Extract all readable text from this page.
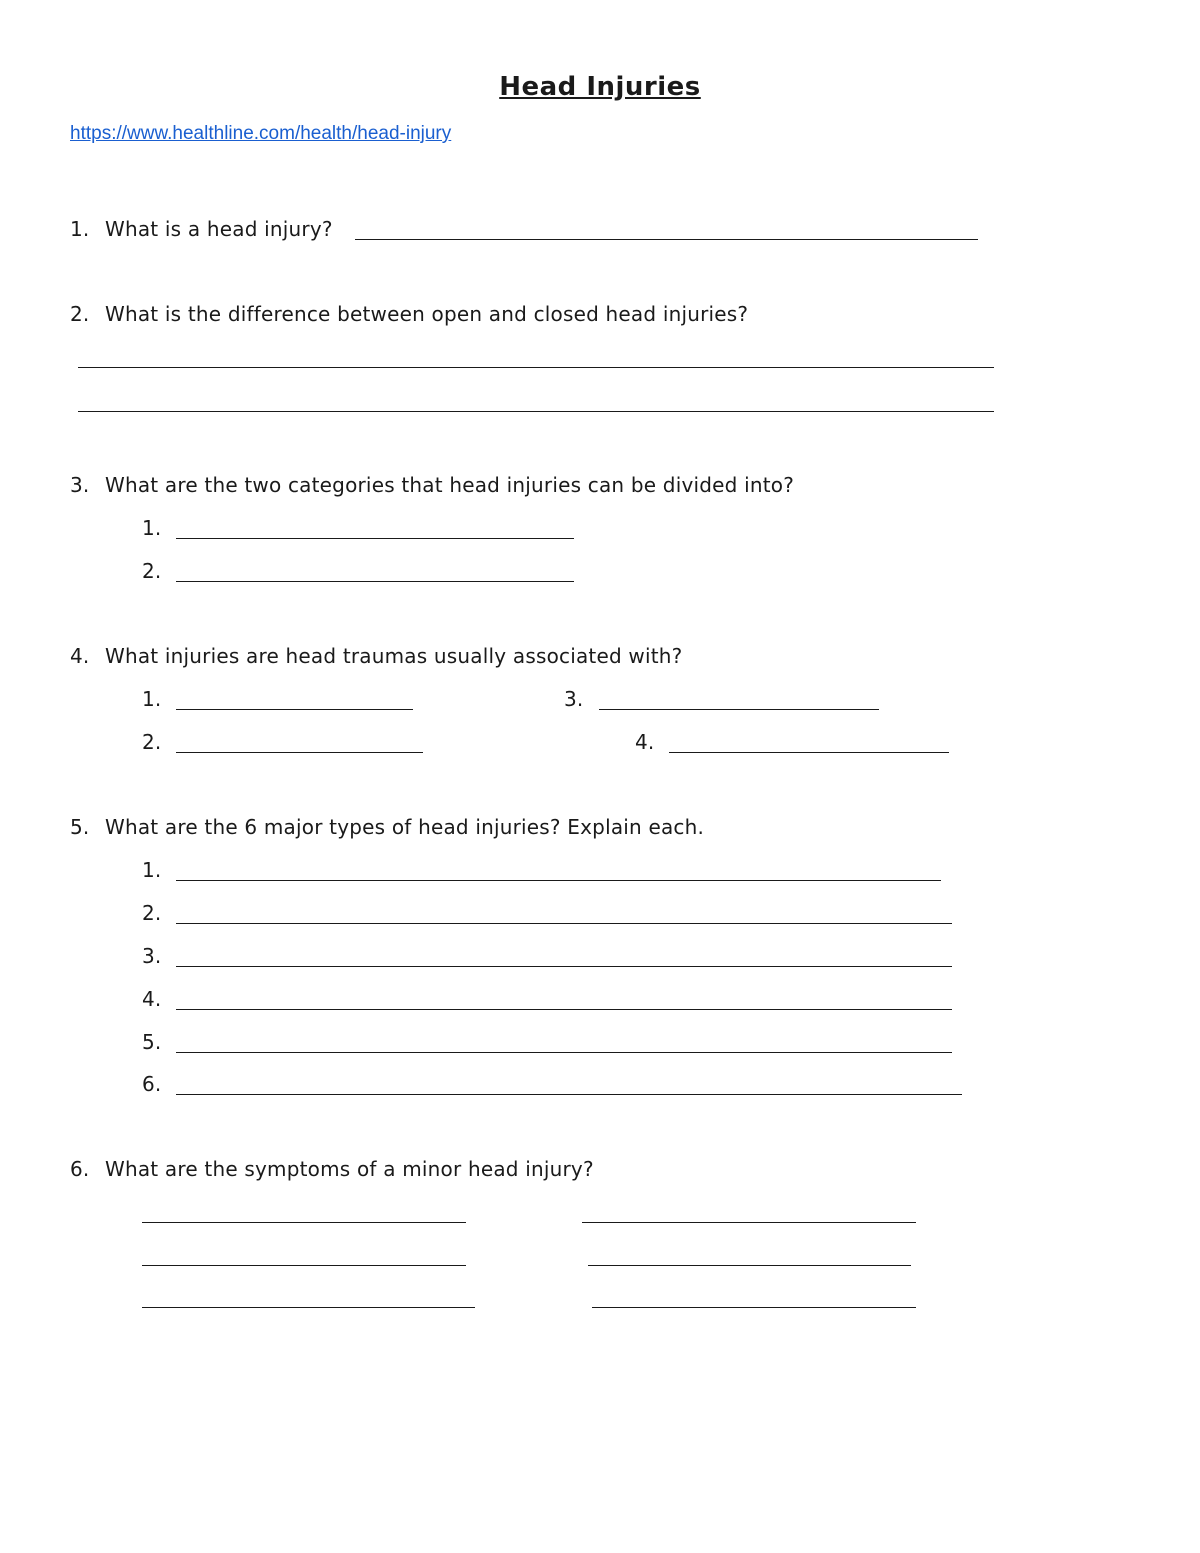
Head Injuries
https://www.healthline.com/health/head-injury
1. What is a head injury?
2. What is the difference between open and closed head injuries?
3. What are the two categories that head injuries can be divided into?
1.
2.
4. What injuries are head traumas usually associated with?
1.	3.
2.	4.
5. What are the 6 major types of head injuries? Explain each.
1.
2.
3.
4.
5.
6.
6. What are the symptoms of a minor head injury?
